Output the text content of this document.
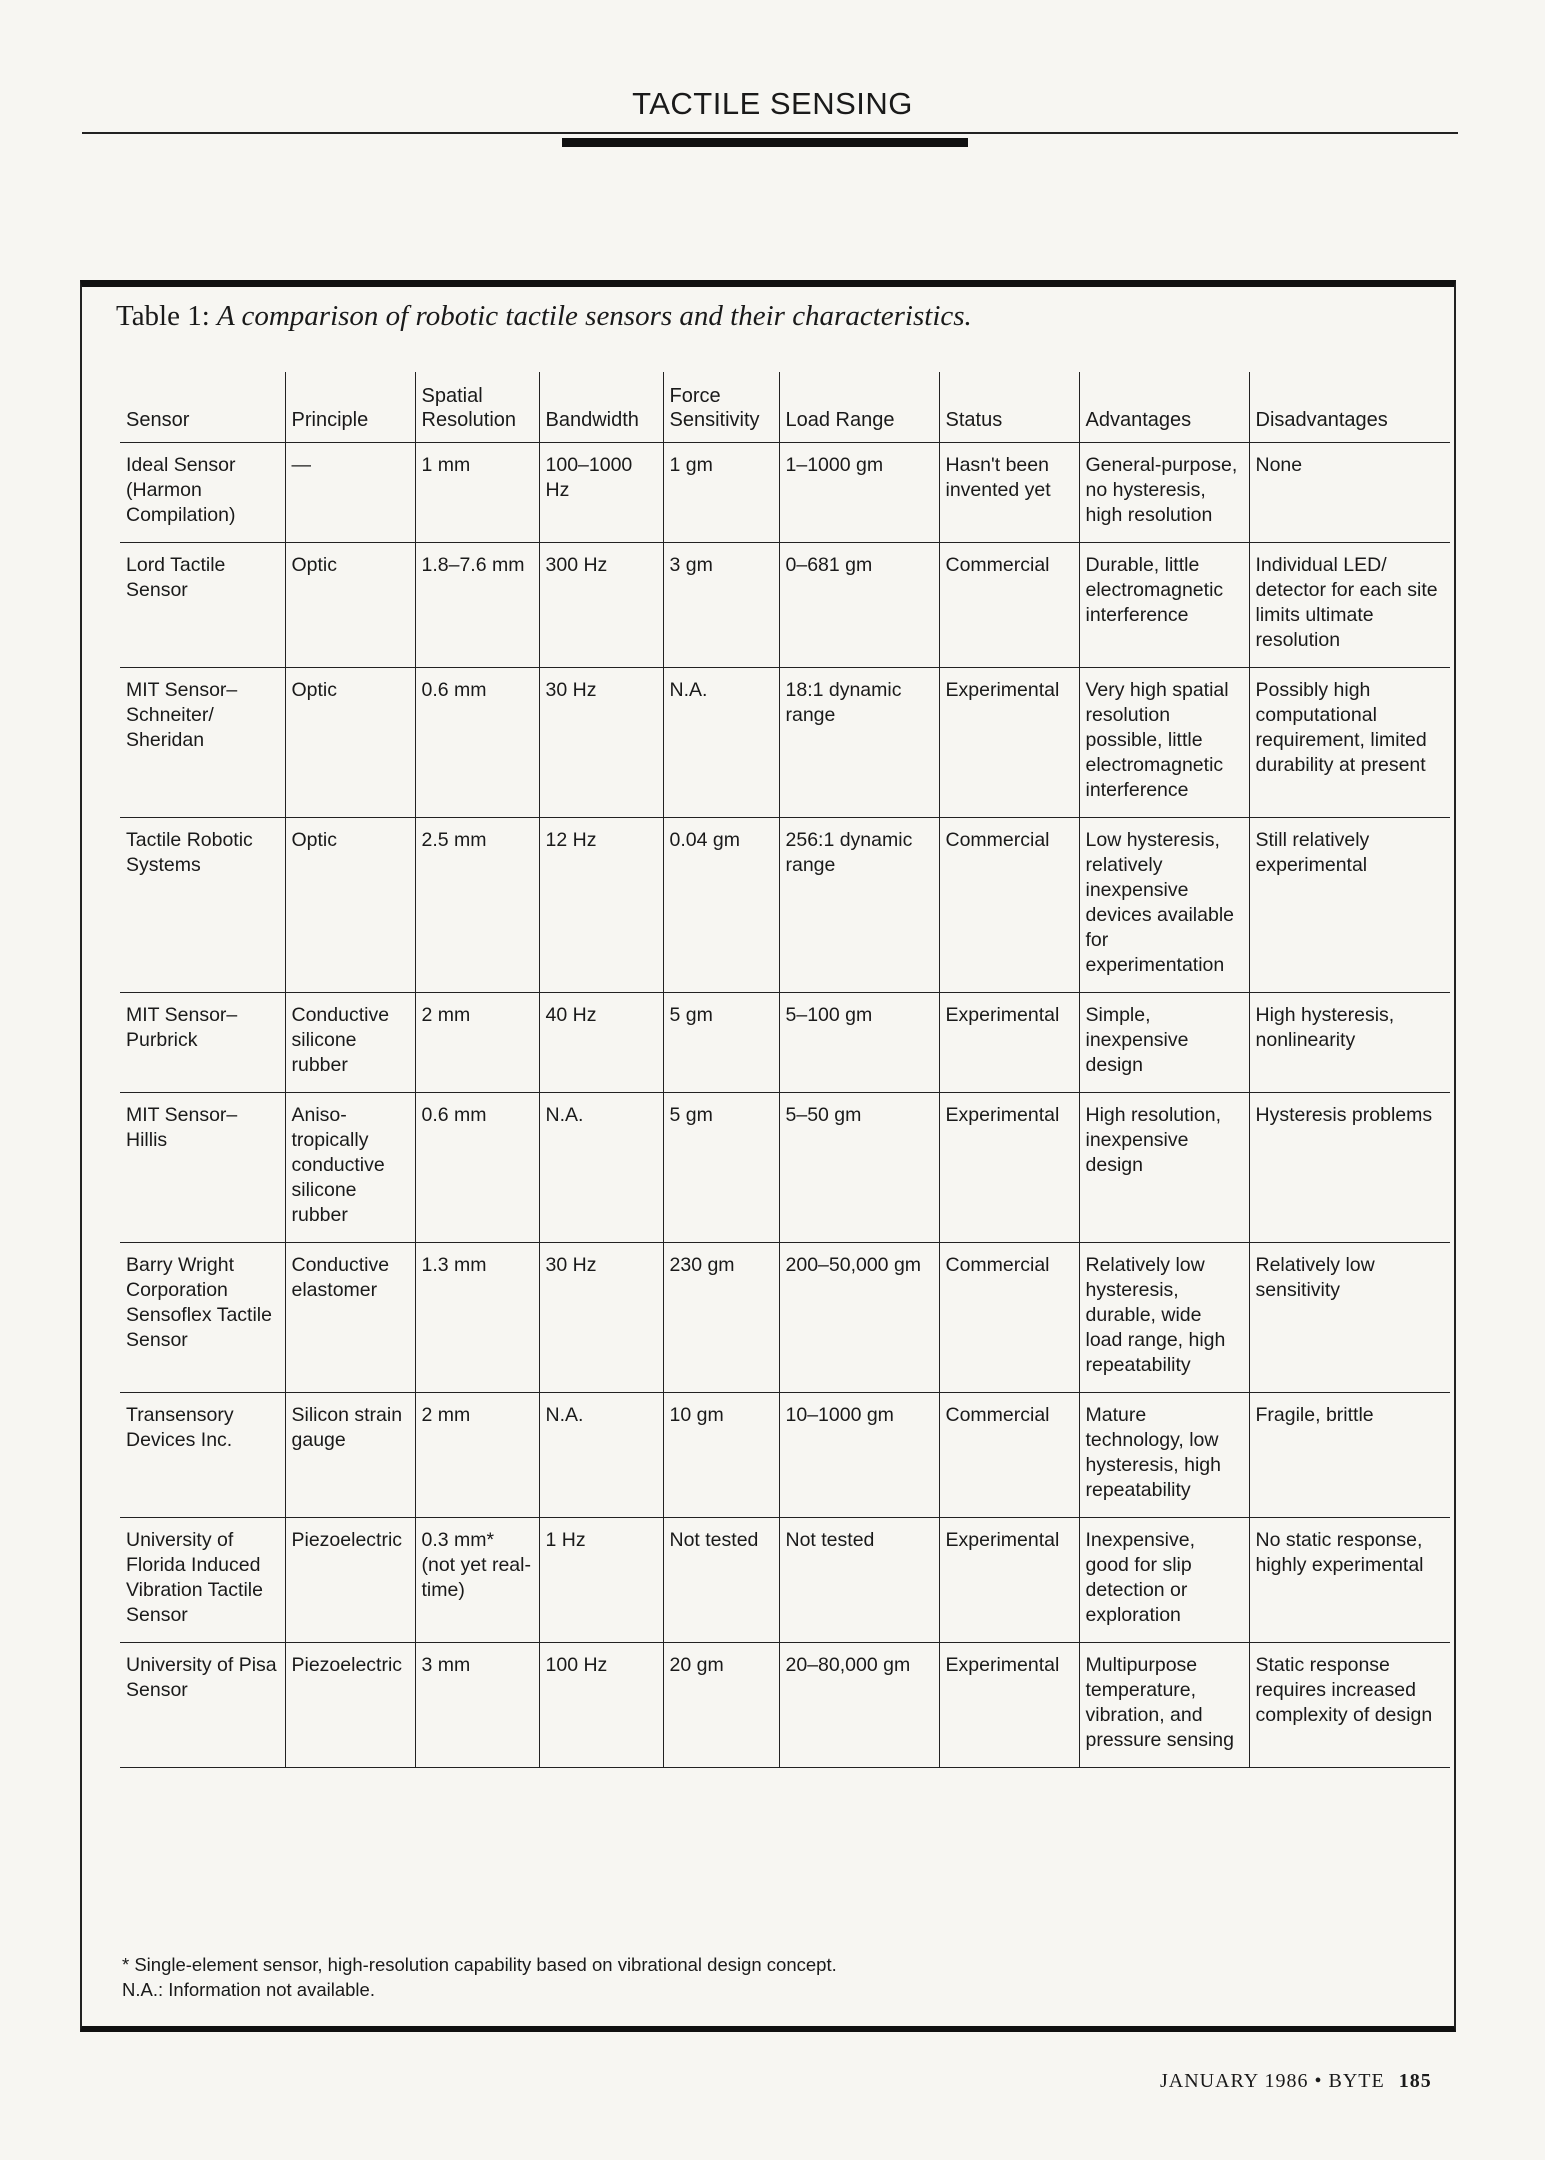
TACTILE SENSING
Table 1: A comparison of robotic tactile sensors and their characteristics.
Sensor	Principle	Spatial Resolution	Bandwidth	Force Sensitivity	Load Range	Status	Advantages	Disadvantages
Ideal Sensor (Harmon Compilation)	—	1 mm	100–1000 Hz	1 gm	1–1000 gm	Hasn't been invented yet	General-purpose, no hysteresis, high resolution	None
Lord Tactile Sensor	Optic	1.8–7.6 mm	300 Hz	3 gm	0–681 gm	Commercial	Durable, little electromagnetic interference	Individual LED/ detector for each site limits ultimate resolution
MIT Sensor– Schneiter/ Sheridan	Optic	0.6 mm	30 Hz	N.A.	18:1 dynamic range	Experimental	Very high spatial resolution possible, little electromagnetic interference	Possibly high computational requirement, limited durability at present
Tactile Robotic Systems	Optic	2.5 mm	12 Hz	0.04 gm	256:1 dynamic range	Commercial	Low hysteresis, relatively inexpensive devices available for experimentation	Still relatively experimental
MIT Sensor– Purbrick	Conductive silicone rubber	2 mm	40 Hz	5 gm	5–100 gm	Experimental	Simple, inexpensive design	High hysteresis, nonlinearity
MIT Sensor– Hillis	Aniso-tropically conductive silicone rubber	0.6 mm	N.A.	5 gm	5–50 gm	Experimental	High resolution, inexpensive design	Hysteresis problems
Barry Wright Corporation Sensoflex Tactile Sensor	Conductive elastomer	1.3 mm	30 Hz	230 gm	200–50,000 gm	Commercial	Relatively low hysteresis, durable, wide load range, high repeatability	Relatively low sensitivity
Transensory Devices Inc.	Silicon strain gauge	2 mm	N.A.	10 gm	10–1000 gm	Commercial	Mature technology, low hysteresis, high repeatability	Fragile, brittle
University of Florida Induced Vibration Tactile Sensor	Piezoelectric	0.3 mm* (not yet real-time)	1 Hz	Not tested	Not tested	Experimental	Inexpensive, good for slip detection or exploration	No static response, highly experimental
University of Pisa Sensor	Piezoelectric	3 mm	100 Hz	20 gm	20–80,000 gm	Experimental	Multipurpose temperature, vibration, and pressure sensing	Static response requires increased complexity of design
* Single-element sensor, high-resolution capability based on vibrational design concept.
N.A.: Information not available.
JANUARY 1986 • BYTE 185
